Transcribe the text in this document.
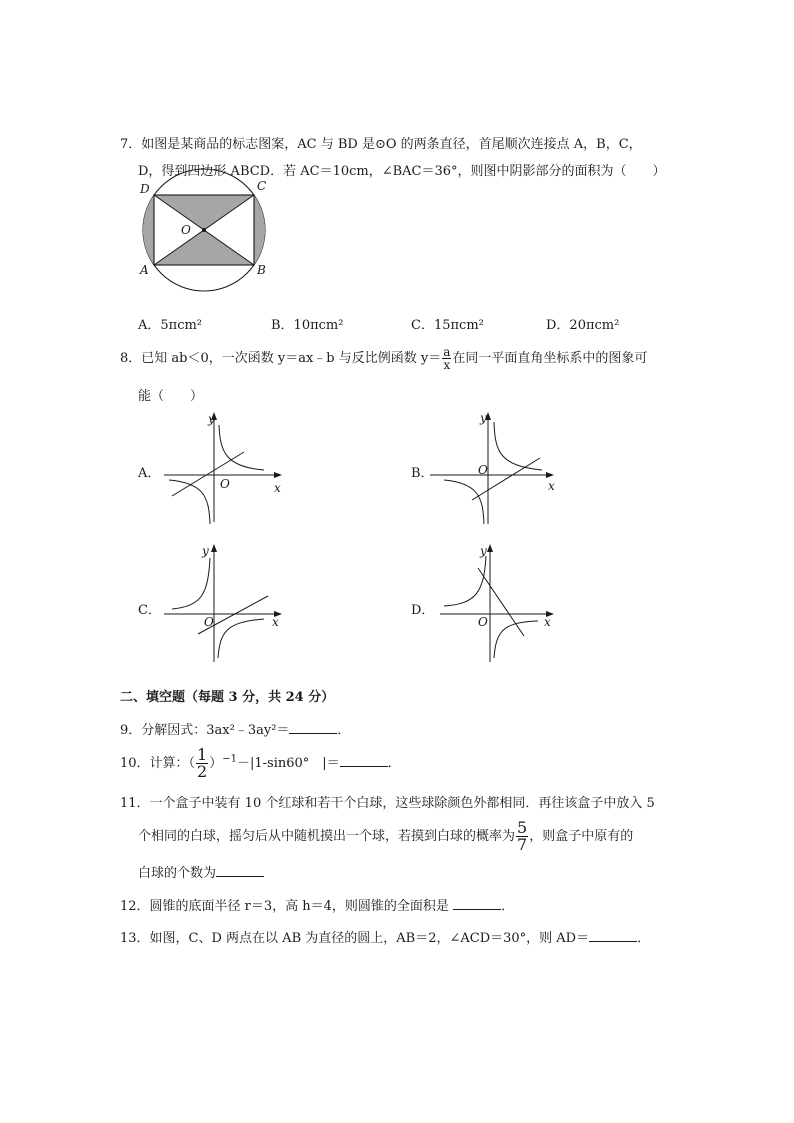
7．如图是某商品的标志图案，AC 与 BD 是⊙O 的两条直径，首尾顺次连接点 A，B，C，
D，得到四边形 ABCD．若 AC＝10cm，∠BAC＝36°，则图中阴影部分的面积为（　　）
D	C
A	B
O
A．5πcm²	B．10πcm²	C．15πcm²	D．20πcm²
8．已知 ab＜0，一次函数 y＝ax﹣b 与反比例函数 $y= \frac{a}{x}$ 在同一平面直角坐标系中的图象可
能（　　）
A．
y
x
O
B．
y
x
O
C．
y
x
O
D．
y
x
O
二、填空题（每题 3 分，共 24 分）
9．分解因式：3ax²﹣3ay²＝	．
10．计算：（ $\frac{1}{2} )^{-1}-|1-\sin 60^\circ$　|＝	．
11．一个盒子中装有 10 个红球和若干个白球，这些球除颜色外都相同．再往该盒子中放入 5
个相同的白球，摇匀后从中随机摸出一个球，若摸到白球的概率为 $\frac{5}{7}$ ，则盒子中原有的
白球的个数为
12．圆锥的底面半径 r＝3，高 h＝4，则圆锥的全面积是	．
13．如图，C、D 两点在以 AB 为直径的圆上，AB＝2，∠ACD＝30°，则 AD＝	．
